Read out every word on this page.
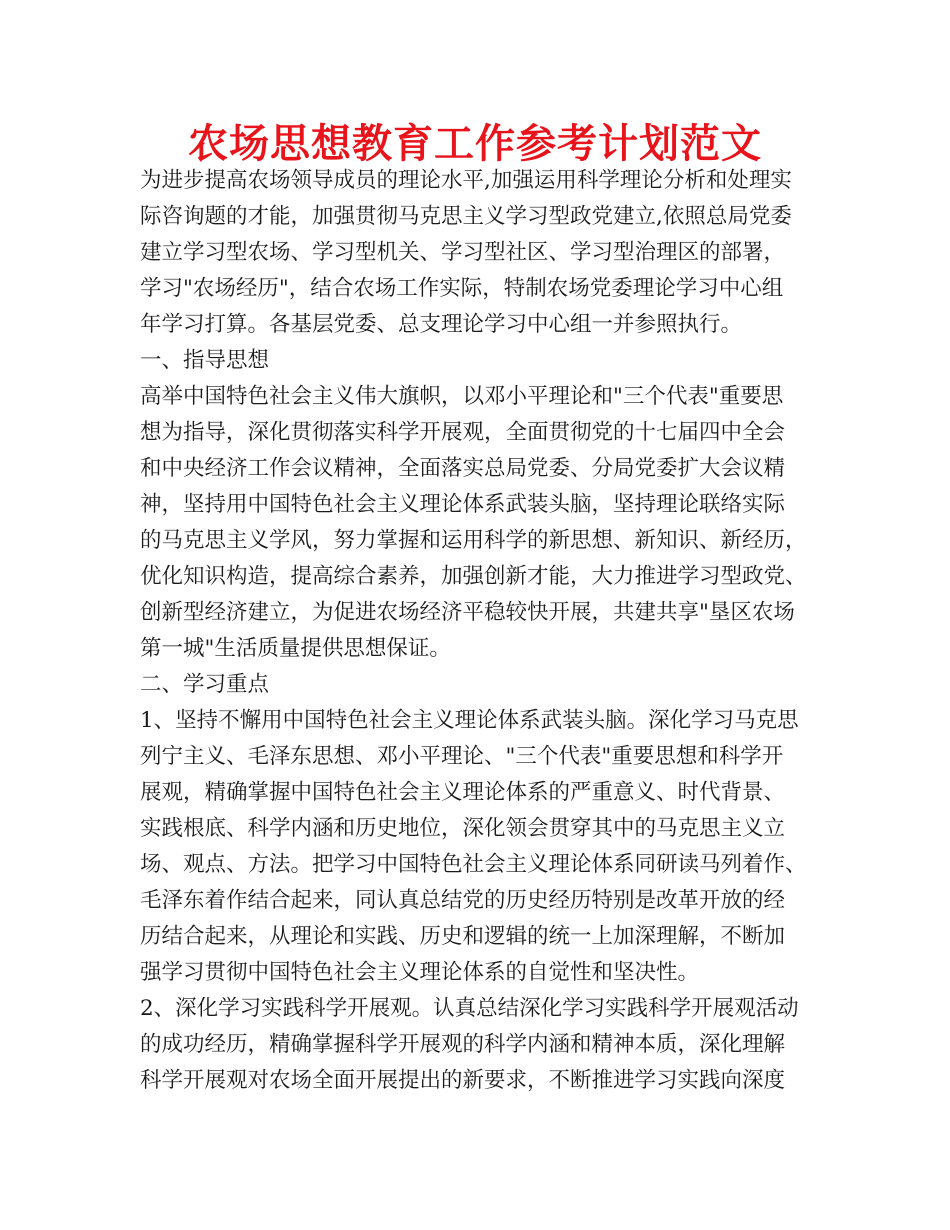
农场思想教育工作参考计划范文
为进步提高农场领导成员的理论水平,加强运用科学理论分析和处理实
际咨询题的才能，加强贯彻马克思主义学习型政党建立,依照总局党委
建立学习型农场、学习型机关、学习型社区、学习型治理区的部署，
学习"农场经历"，结合农场工作实际，特制农场党委理论学习中心组
年学习打算。各基层党委、总支理论学习中心组一并参照执行。
一、指导思想
高举中国特色社会主义伟大旗帜，以邓小平理论和"三个代表"重要思
想为指导，深化贯彻落实科学开展观，全面贯彻党的十七届四中全会
和中央经济工作会议精神，全面落实总局党委、分局党委扩大会议精
神，坚持用中国特色社会主义理论体系武装头脑，坚持理论联络实际
的马克思主义学风，努力掌握和运用科学的新思想、新知识、新经历，
优化知识构造，提高综合素养，加强创新才能，大力推进学习型政党、
创新型经济建立，为促进农场经济平稳较快开展，共建共享"垦区农场
第一城"生活质量提供思想保证。
二、学习重点
1、坚持不懈用中国特色社会主义理论体系武装头脑。深化学习马克思
列宁主义、毛泽东思想、邓小平理论、"三个代表"重要思想和科学开
展观，精确掌握中国特色社会主义理论体系的严重意义、时代背景、
实践根底、科学内涵和历史地位，深化领会贯穿其中的马克思主义立
场、观点、方法。把学习中国特色社会主义理论体系同研读马列着作、
毛泽东着作结合起来，同认真总结党的历史经历特别是改革开放的经
历结合起来，从理论和实践、历史和逻辑的统一上加深理解，不断加
强学习贯彻中国特色社会主义理论体系的自觉性和坚决性。
2、深化学习实践科学开展观。认真总结深化学习实践科学开展观活动
的成功经历，精确掌握科学开展观的科学内涵和精神本质，深化理解
科学开展观对农场全面开展提出的新要求，不断推进学习实践向深度
